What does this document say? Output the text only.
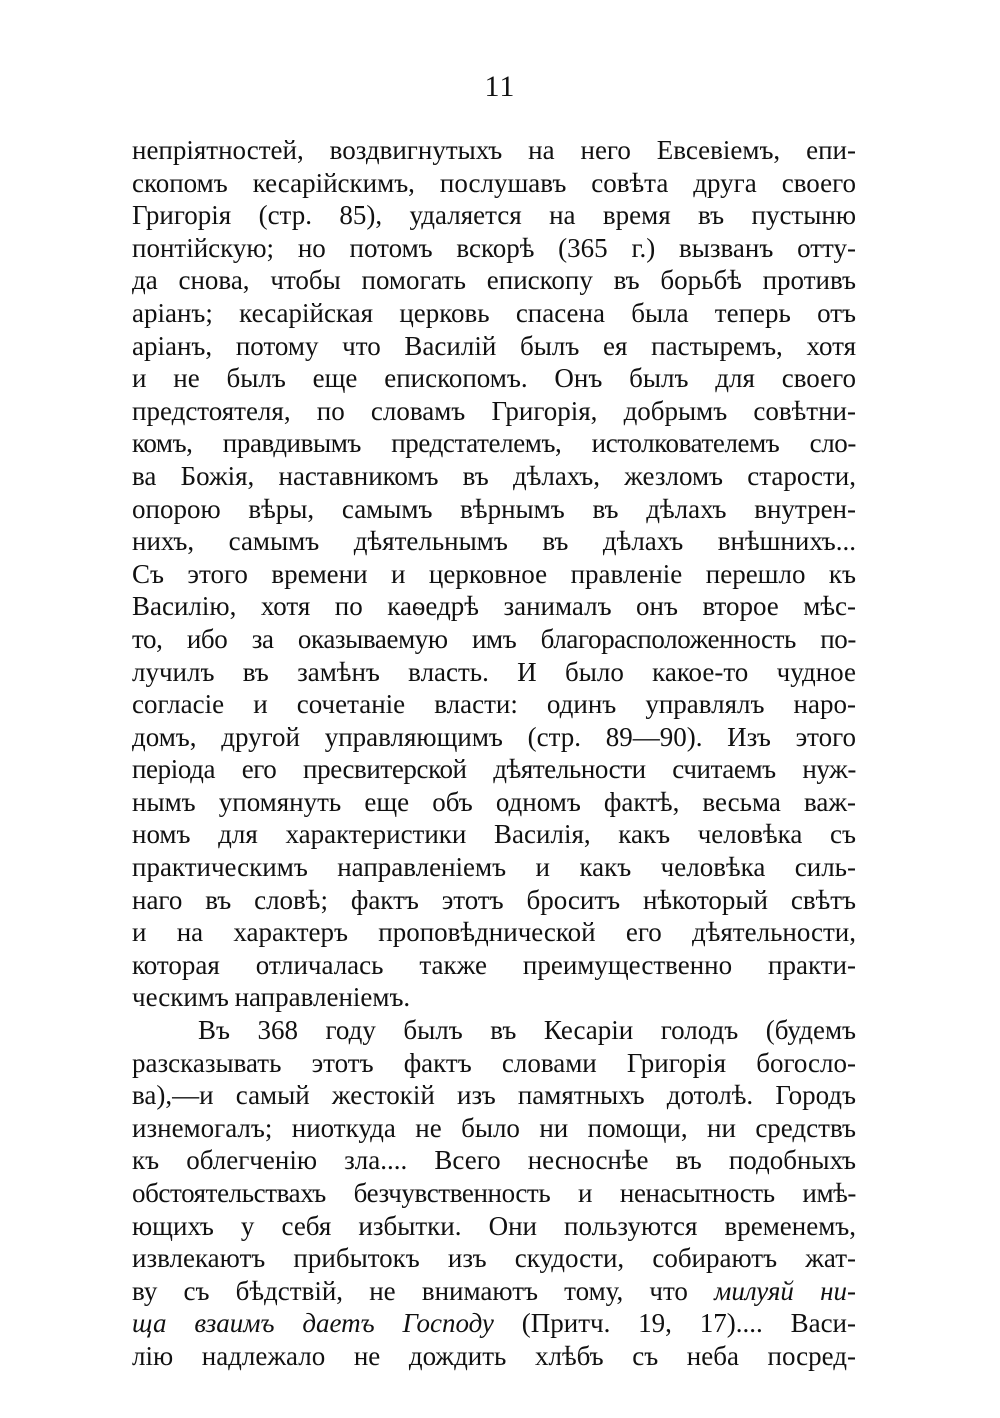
11
непріятностей, воздвигнутыхъ на него Евсевіемъ, епи-
скопомъ кесарійскимъ, послушавъ совѣта друга своего
Григорія (стр. 85), удаляется на время въ пустыню
понтійскую; но потомъ вскорѣ (365 г.) вызванъ отту-
да снова, чтобы помогать епископу въ борьбѣ противъ
аріанъ; кесарійская церковь спасена была теперь отъ
аріанъ, потому что Василій былъ ея пастыремъ, хотя
и не былъ еще епископомъ. Онъ былъ для своего
предстоятеля, по словамъ Григорія, добрымъ совѣтни-
комъ, правдивымъ предстателемъ, истолкователемъ сло-
ва Божія, наставникомъ въ дѣлахъ, жезломъ старости,
опорою вѣры, самымъ вѣрнымъ въ дѣлахъ внутрен-
нихъ, самымъ дѣятельнымъ въ дѣлахъ внѣшнихъ...
Съ этого времени и церковное правленіе перешло къ
Василію, хотя по каѳедрѣ занималъ онъ второе мѣс-
то, ибо за оказываемую имъ благорасположенность по-
лучилъ въ замѣнъ власть. И было какое-то чудное
согласіе и сочетаніе власти: одинъ управлялъ наро-
домъ, другой управляющимъ (стр. 89—90). Изъ этого
періода его пресвитерской дѣятельности считаемъ нуж-
нымъ упомянуть еще объ одномъ фактѣ, весьма важ-
номъ для характеристики Василія, какъ человѣка съ
практическимъ направленіемъ и какъ человѣка силь-
наго въ словѣ; фактъ этотъ броситъ нѣкоторый свѣтъ
и на характеръ проповѣднической его дѣятельности,
которая отличалась также преимущественно практи-
ческимъ направленіемъ.
Въ 368 году былъ въ Кесаріи голодъ (будемъ
разсказывать этотъ фактъ словами Григорія богосло-
ва),—и самый жестокій изъ памятныхъ дотолѣ. Городъ
изнемогалъ; ниоткуда не было ни помощи, ни средствъ
къ облегченію зла.... Всего несноснѣе въ подобныхъ
обстоятельствахъ безчувственность и ненасытность имѣ-
ющихъ у себя избытки. Они пользуются временемъ,
извлекаютъ прибытокъ изъ скудости, собираютъ жат-
ву съ бѣдствій, не внимаютъ тому, что милуяй ни-
ща взаимъ даетъ Господу (Притч. 19, 17).... Васи-
лію надлежало не дождить хлѣбъ съ неба посред-
